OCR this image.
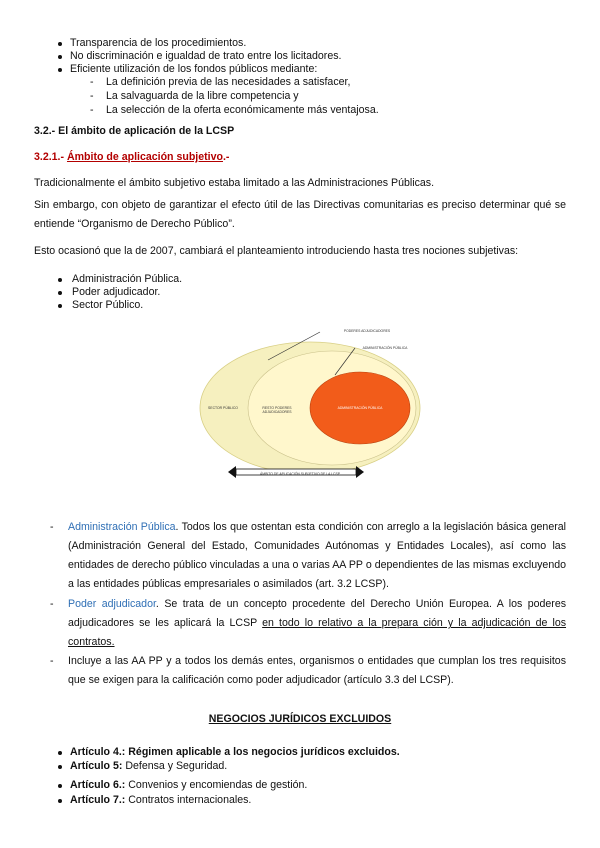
Transparencia de los procedimientos.
No discriminación e igualdad de trato entre los licitadores.
Eficiente utilización de los fondos públicos mediante:
- La definición previa de las necesidades a satisfacer,
- La salvaguarda de la libre competencia y
- La selección de la oferta económicamente más ventajosa.
3.2.- El ámbito de aplicación de la LCSP
3.2.1.- Ámbito de aplicación subjetivo.-
Tradicionalmente el ámbito subjetivo estaba limitado a las Administraciones Públicas.
Sin embargo, con objeto de garantizar el efecto útil de las Directivas comunitarias es preciso determinar qué se entiende “Organismo de Derecho Público”.
Esto ocasionó que la de 2007, cambiará el planteamiento introduciendo hasta tres nociones subjetivas:
Administración Pública.
Poder adjudicador.
Sector Público.
PODERES ADJUDICADORES
ADMINISTRACIÓN PÚBLICA
SECTOR PÚBLICO	RESTO PODERES ADJUDICADORES
ADMINISTRACIÓN PÚBLICA
ÁMBITO DE APLICACIÓN SUBJETIVO DE LA LCSP
- Administración Pública. Todos los que ostentan esta condición con arreglo a la legislación básica general (Administración General del Estado, Comunidades Autónomas y Entidades Locales), así como las entidades de derecho público vinculadas a una o varias AA PP o dependientes de las mismas excluyendo a las entidades públicas empresariales o asimilados (art. 3.2 LCSP).
- Poder adjudicador. Se trata de un concepto procedente del Derecho Unión Europea. A los poderes adjudicadores se les aplicará la LCSP en todo lo relativo a la prepara ción y la adjudicación de los contratos.
- Incluye a las AA PP y a todos los demás entes, organismos o entidades que cumplan los tres requisitos que se exigen para la calificación como poder adjudicador (artículo 3.3 del LCSP).
NEGOCIOS JURÍDICOS EXCLUIDOS
Artículo 4.: Régimen aplicable a los negocios jurídicos excluidos.
Artículo 5: Defensa y Seguridad.
Artículo 6.: Convenios y encomiendas de gestión.
Artículo 7.: Contratos internacionales.
